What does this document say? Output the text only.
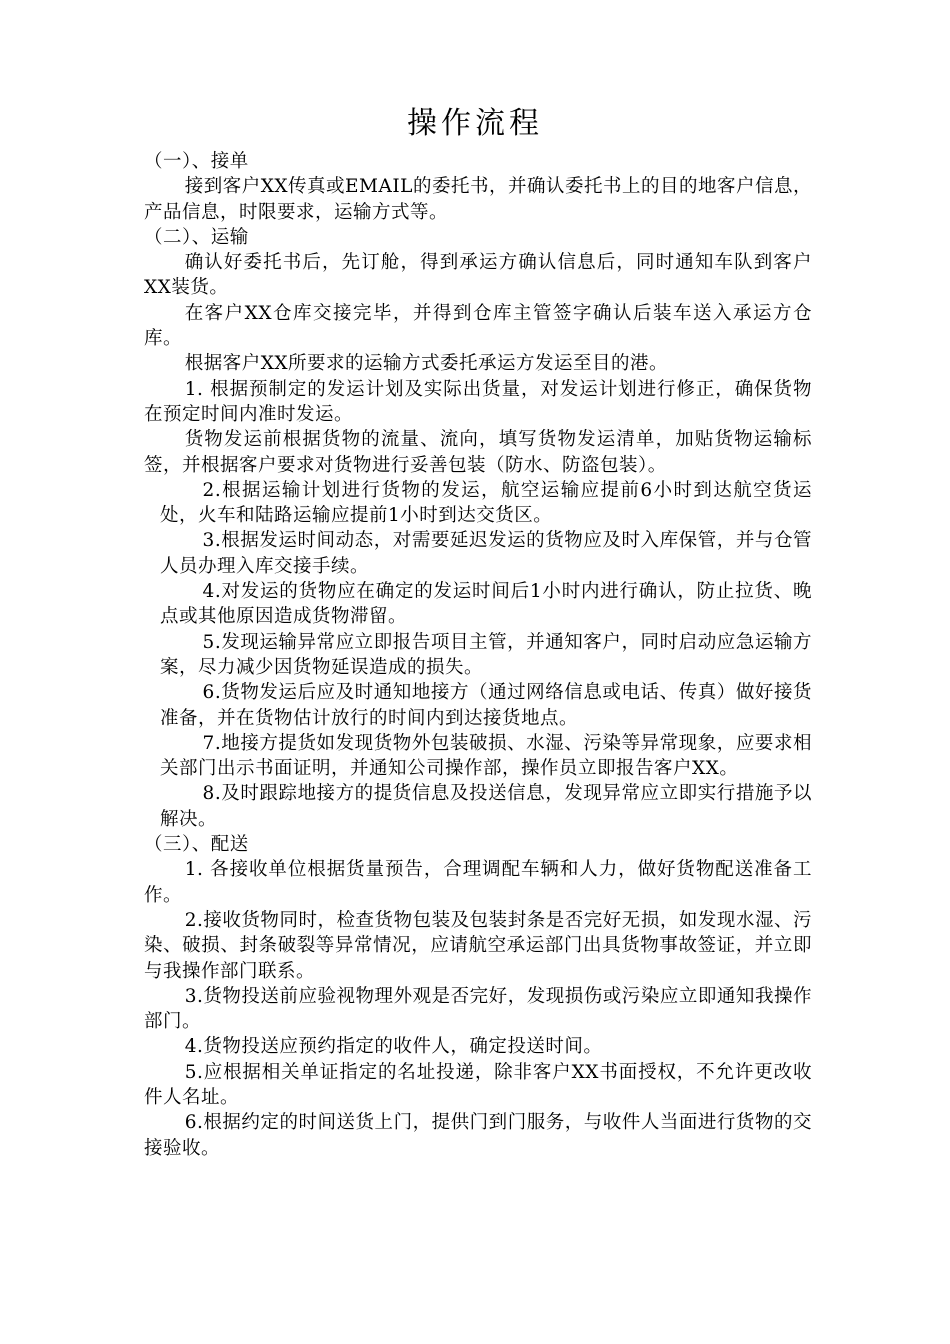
操作流程

（一）、接单

接到客户XX传真或EMAIL的委托书，并确认委托书上的目的地客户信息，产品信息，时限要求，运输方式等。

（二）、运输

确认好委托书后，先订舱，得到承运方确认信息后，同时通知车队到客户XX装货。

在客户XX仓库交接完毕，并得到仓库主管签字确认后装车送入承运方仓库。

根据客户XX所要求的运输方式委托承运方发运至目的港。

1. 根据预制定的发运计划及实际出货量，对发运计划进行修正，确保货物在预定时间内准时发运。

货物发运前根据货物的流量、流向，填写货物发运清单，加贴货物运输标签，并根据客户要求对货物进行妥善包装（防水、防盗包装）。

2.根据运输计划进行货物的发运，航空运输应提前6小时到达航空货运处，火车和陆路运输应提前1小时到达交货区。

3.根据发运时间动态，对需要延迟发运的货物应及时入库保管，并与仓管人员办理入库交接手续。

4.对发运的货物应在确定的发运时间后1小时内进行确认，防止拉货、晚点或其他原因造成货物滞留。

5.发现运输异常应立即报告项目主管，并通知客户，同时启动应急运输方案，尽力减少因货物延误造成的损失。

6.货物发运后应及时通知地接方（通过网络信息或电话、传真）做好接货准备，并在货物估计放行的时间内到达接货地点。

7.地接方提货如发现货物外包装破损、水湿、污染等异常现象，应要求相关部门出示书面证明，并通知公司操作部，操作员立即报告客户XX。

8.及时跟踪地接方的提货信息及投送信息，发现异常应立即实行措施予以解决。

（三）、配送

1. 各接收单位根据货量预告，合理调配车辆和人力，做好货物配送准备工作。

2.接收货物同时，检查货物包装及包装封条是否完好无损，如发现水湿、污染、破损、封条破裂等异常情况，应请航空承运部门出具货物事故签证，并立即与我操作部门联系。

3.货物投送前应验视物理外观是否完好，发现损伤或污染应立即通知我操作部门。

4.货物投送应预约指定的收件人，确定投送时间。

5.应根据相关单证指定的名址投递，除非客户XX书面授权，不允许更改收件人名址。

6.根据约定的时间送货上门，提供门到门服务，与收件人当面进行货物的交接验收。
